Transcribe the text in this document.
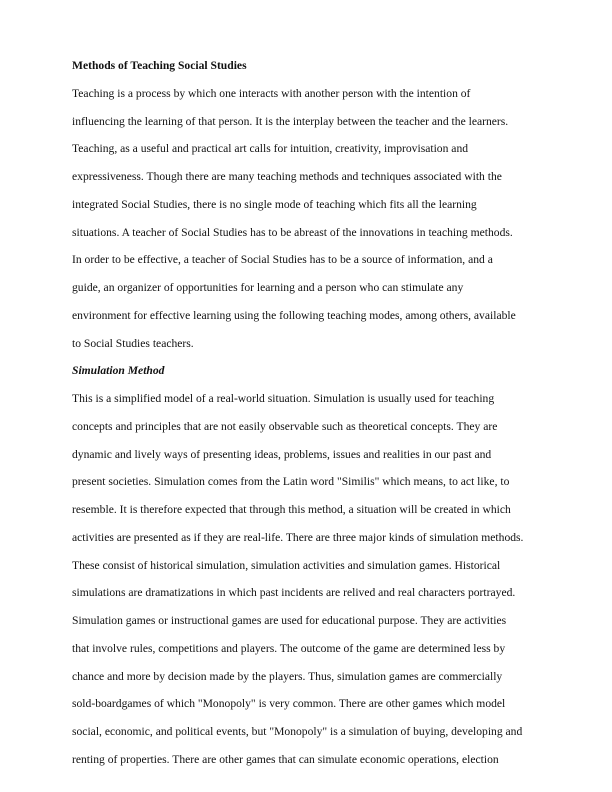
Methods of Teaching Social Studies
Teaching is a process by which one interacts with another person with the intention of
influencing the learning of that person. It is the interplay between the teacher and the learners.
Teaching, as a useful and practical art calls for intuition, creativity, improvisation and
expressiveness. Though there are many teaching methods and techniques associated with the
integrated Social Studies, there is no single mode of teaching which fits all the learning
situations. A teacher of Social Studies has to be abreast of the innovations in teaching methods.
In order to be effective, a teacher of Social Studies has to be a source of information, and a
guide, an organizer of opportunities for learning and a person who can stimulate any
environment for effective learning using the following teaching modes, among others, available
to Social Studies teachers.
Simulation Method
This is a simplified model of a real-world situation. Simulation is usually used for teaching
concepts and principles that are not easily observable such as theoretical concepts. They are
dynamic and lively ways of presenting ideas, problems, issues and realities in our past and
present societies. Simulation comes from the Latin word "Similis" which means, to act like, to
resemble. It is therefore expected that through this method, a situation will be created in which
activities are presented as if they are real-life. There are three major kinds of simulation methods.
These consist of historical simulation, simulation activities and simulation games. Historical
simulations are dramatizations in which past incidents are relived and real characters portrayed.
Simulation games or instructional games are used for educational purpose. They are activities
that involve rules, competitions and players. The outcome of the game are determined less by
chance and more by decision made by the players. Thus, simulation games are commercially
sold-boardgames of which "Monopoly" is very common. There are other games which model
social, economic, and political events, but "Monopoly" is a simulation of buying, developing and
renting of properties. There are other games that can simulate economic operations, election
